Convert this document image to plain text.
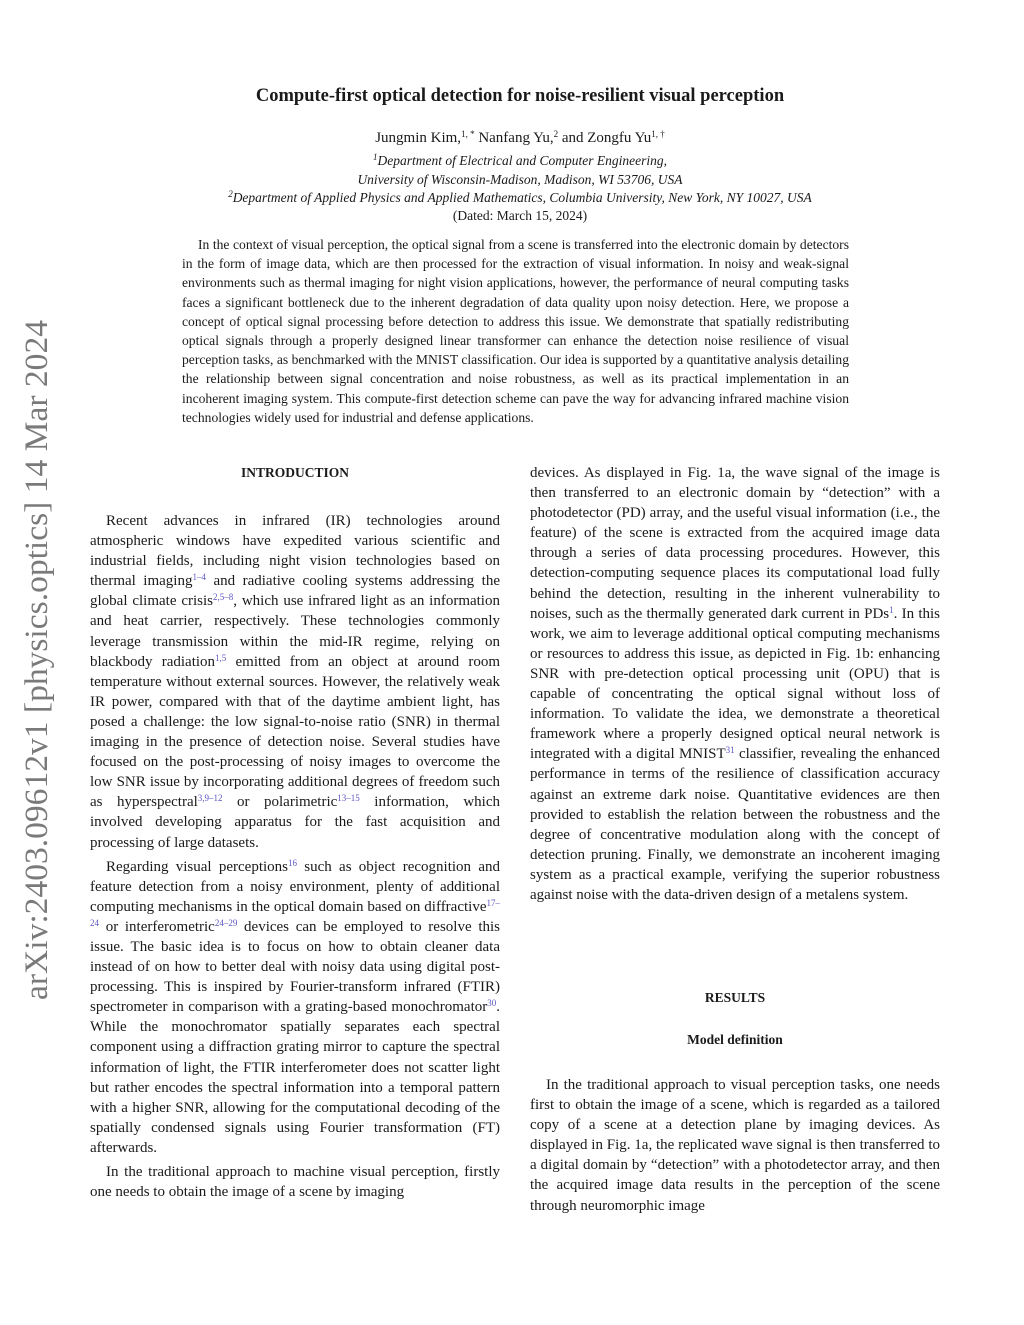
arXiv:2403.09612v1 [physics.optics] 14 Mar 2024
Compute-first optical detection for noise-resilient visual perception
Jungmin Kim,$^{1, *}$ Nanfang Yu,$^2$ and Zongfu $Yu^{1, \dagger}$
$^1$Department of Electrical and Computer Engineering,
University of Wisconsin-Madison, Madison, WI 53706, USA
$^2$Department of Applied Physics and Applied Mathematics, Columbia University, New York, NY 10027, USA
(Dated: March 15, 2024)
In the context of visual perception, the optical signal from a scene is transferred into the electronic domain by detectors in the form of image data, which are then processed for the extraction of visual information. In noisy and weak-signal environments such as thermal imaging for night vision applications, however, the performance of neural computing tasks faces a significant bottleneck due to the inherent degradation of data quality upon noisy detection. Here, we propose a concept of optical signal processing before detection to address this issue. We demonstrate that spatially redistributing optical signals through a properly designed linear transformer can enhance the detection noise resilience of visual perception tasks, as benchmarked with the MNIST classification. Our idea is supported by a quantitative analysis detailing the relationship between signal concentration and noise robustness, as well as its practical implementation in an incoherent imaging system. This compute-first detection scheme can pave the way for advancing infrared machine vision technologies widely used for industrial and defense applications.
INTRODUCTION

Recent advances in infrared (IR) technologies around atmospheric windows have expedited various scientific and industrial fields, including night vision technologies based on thermal imaging$^{1-4}$ and radiative cooling systems addressing the global climate crisis$^{2,5-8}$, which use infrared light as an information and heat carrier, respectively. These technologies commonly leverage transmission within the mid-IR regime, relying on blackbody radiation$^{1,5}$ emitted from an object at around room temperature without external sources. However, the relatively weak IR power, compared with that of the daytime ambient light, has posed a challenge: the low signal-to-noise ratio (SNR) in thermal imaging in the presence of detection noise. Several studies have focused on the post-processing of noisy images to overcome the low SNR issue by incorporating additional degrees of freedom such as hyperspectral$^{3,9-12}$ or polarimetric$^{13-15}$ information, which involved developing apparatus for the fast acquisition and processing of large datasets.

Regarding visual perceptions$^{16}$ such as object recognition and feature detection from a noisy environment, plenty of additional computing mechanisms in the optical domain based on diffractive$^{17-24}$ or interferometric$^{24-29}$ devices can be employed to resolve this issue. The basic idea is to focus on how to obtain cleaner data instead of on how to better deal with noisy data using digital post-processing. This is inspired by Fourier-transform infrared (FTIR) spectrometer in comparison with a grating-based monochromator$^{30}$. While the monochromator spatially separates each spectral component using a diffraction grating mirror to capture the spectral information of light, the FTIR interferometer does not scatter light but rather encodes the spectral information into a temporal pattern with a higher SNR, allowing for the computational decoding of the spatially condensed signals using Fourier transformation (FT) afterwards.

In the traditional approach to machine visual perception, firstly one needs to obtain the image of a scene by imaging

devices. As displayed in Fig. 1a, the wave signal of the image is then transferred to an electronic domain by “detection” with a photodetector (PD) array, and the useful visual information (i.e., the feature) of the scene is extracted from the acquired image data through a series of data processing procedures. However, this detection-computing sequence places its computational load fully behind the detection, resulting in the inherent vulnerability to noises, such as the thermally generated dark current in PDs$^1$. In this work, we aim to leverage additional optical computing mechanisms or resources to address this issue, as depicted in Fig. 1b: enhancing SNR with pre-detection optical processing unit (OPU) that is capable of concentrating the optical signal without loss of information. To validate the idea, we demonstrate a theoretical framework where a properly designed optical neural network is integrated with a digital MNIST$^{31}$ classifier, revealing the enhanced performance in terms of the resilience of classification accuracy against an extreme dark noise. Quantitative evidences are then provided to establish the relation between the robustness and the degree of concentrative modulation along with the concept of detection pruning. Finally, we demonstrate an incoherent imaging system as a practical example, verifying the superior robustness against noise with the data-driven design of a metalens system.

RESULTS
Model definition

In the traditional approach to visual perception tasks, one needs first to obtain the image of a scene, which is regarded as a tailored copy of a scene at a detection plane by imaging devices. As displayed in Fig. 1a, the replicated wave signal is then transferred to a digital domain by “detection” with a photodetector array, and then the acquired image data results in the perception of the scene through neuromorphic image
